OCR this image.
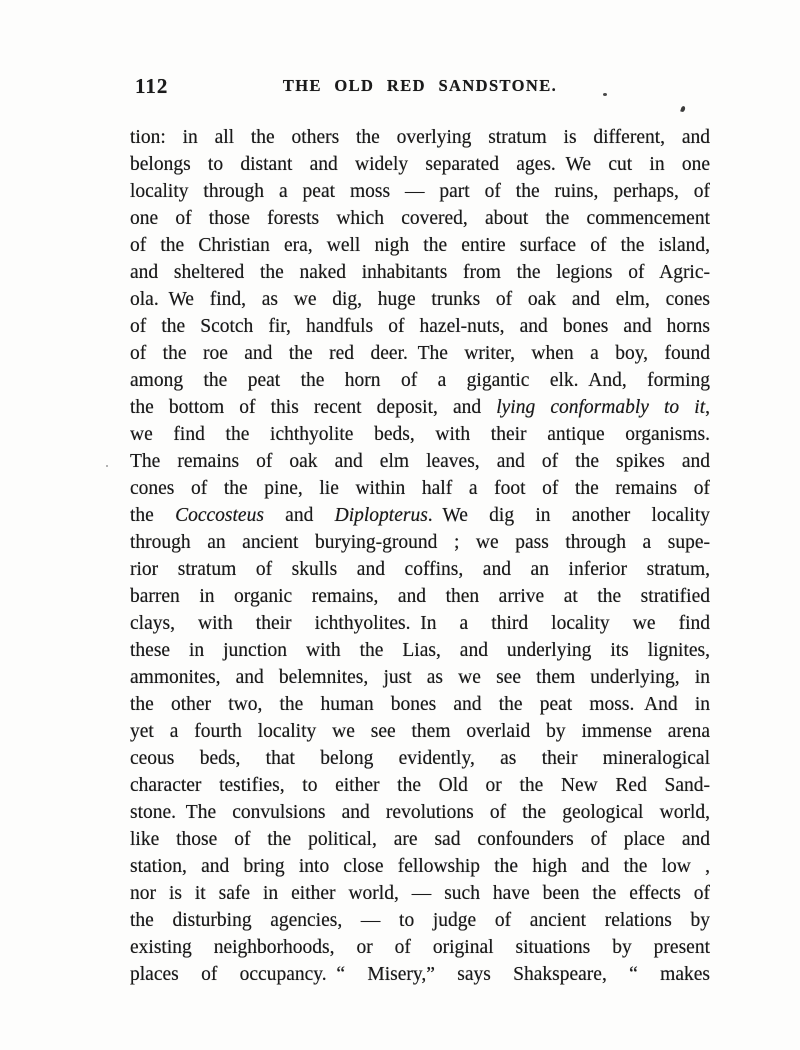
112	THE OLD RED SANDSTONE.
tion: in all the others the overlying stratum is different, and
belongs to distant and widely separated ages. We cut in one
locality through a peat moss — part of the ruins, perhaps, of
one of those forests which covered, about the commencement
of the Christian era, well nigh the entire surface of the island,
and sheltered the naked inhabitants from the legions of Agric-
ola. We find, as we dig, huge trunks of oak and elm, cones
of the Scotch fir, handfuls of hazel-nuts, and bones and horns
of the roe and the red deer. The writer, when a boy, found
among the peat the horn of a gigantic elk. And, forming
the bottom of this recent deposit, and lying conformably to it,
we find the ichthyolite beds, with their antique organisms.
The remains of oak and elm leaves, and of the spikes and
cones of the pine, lie within half a foot of the remains of
the Coccosteus and Diplopterus. We dig in another locality
through an ancient burying-ground ; we pass through a supe-
rior stratum of skulls and coffins, and an inferior stratum,
barren in organic remains, and then arrive at the stratified
clays, with their ichthyolites. In a third locality we find
these in junction with the Lias, and underlying its lignites,
ammonites, and belemnites, just as we see them underlying, in
the other two, the human bones and the peat moss. And in
yet a fourth locality we see them overlaid by immense arena
ceous beds, that belong evidently, as their mineralogical
character testifies, to either the Old or the New Red Sand-
stone. The convulsions and revolutions of the geological world,
like those of the political, are sad confounders of place and
station, and bring into close fellowship the high and the low ,
nor is it safe in either world, — such have been the effects of
the disturbing agencies, — to judge of ancient relations by
existing neighborhoods, or of original situations by present
places of occupancy. “ Misery,” says Shakspeare, “ makes
